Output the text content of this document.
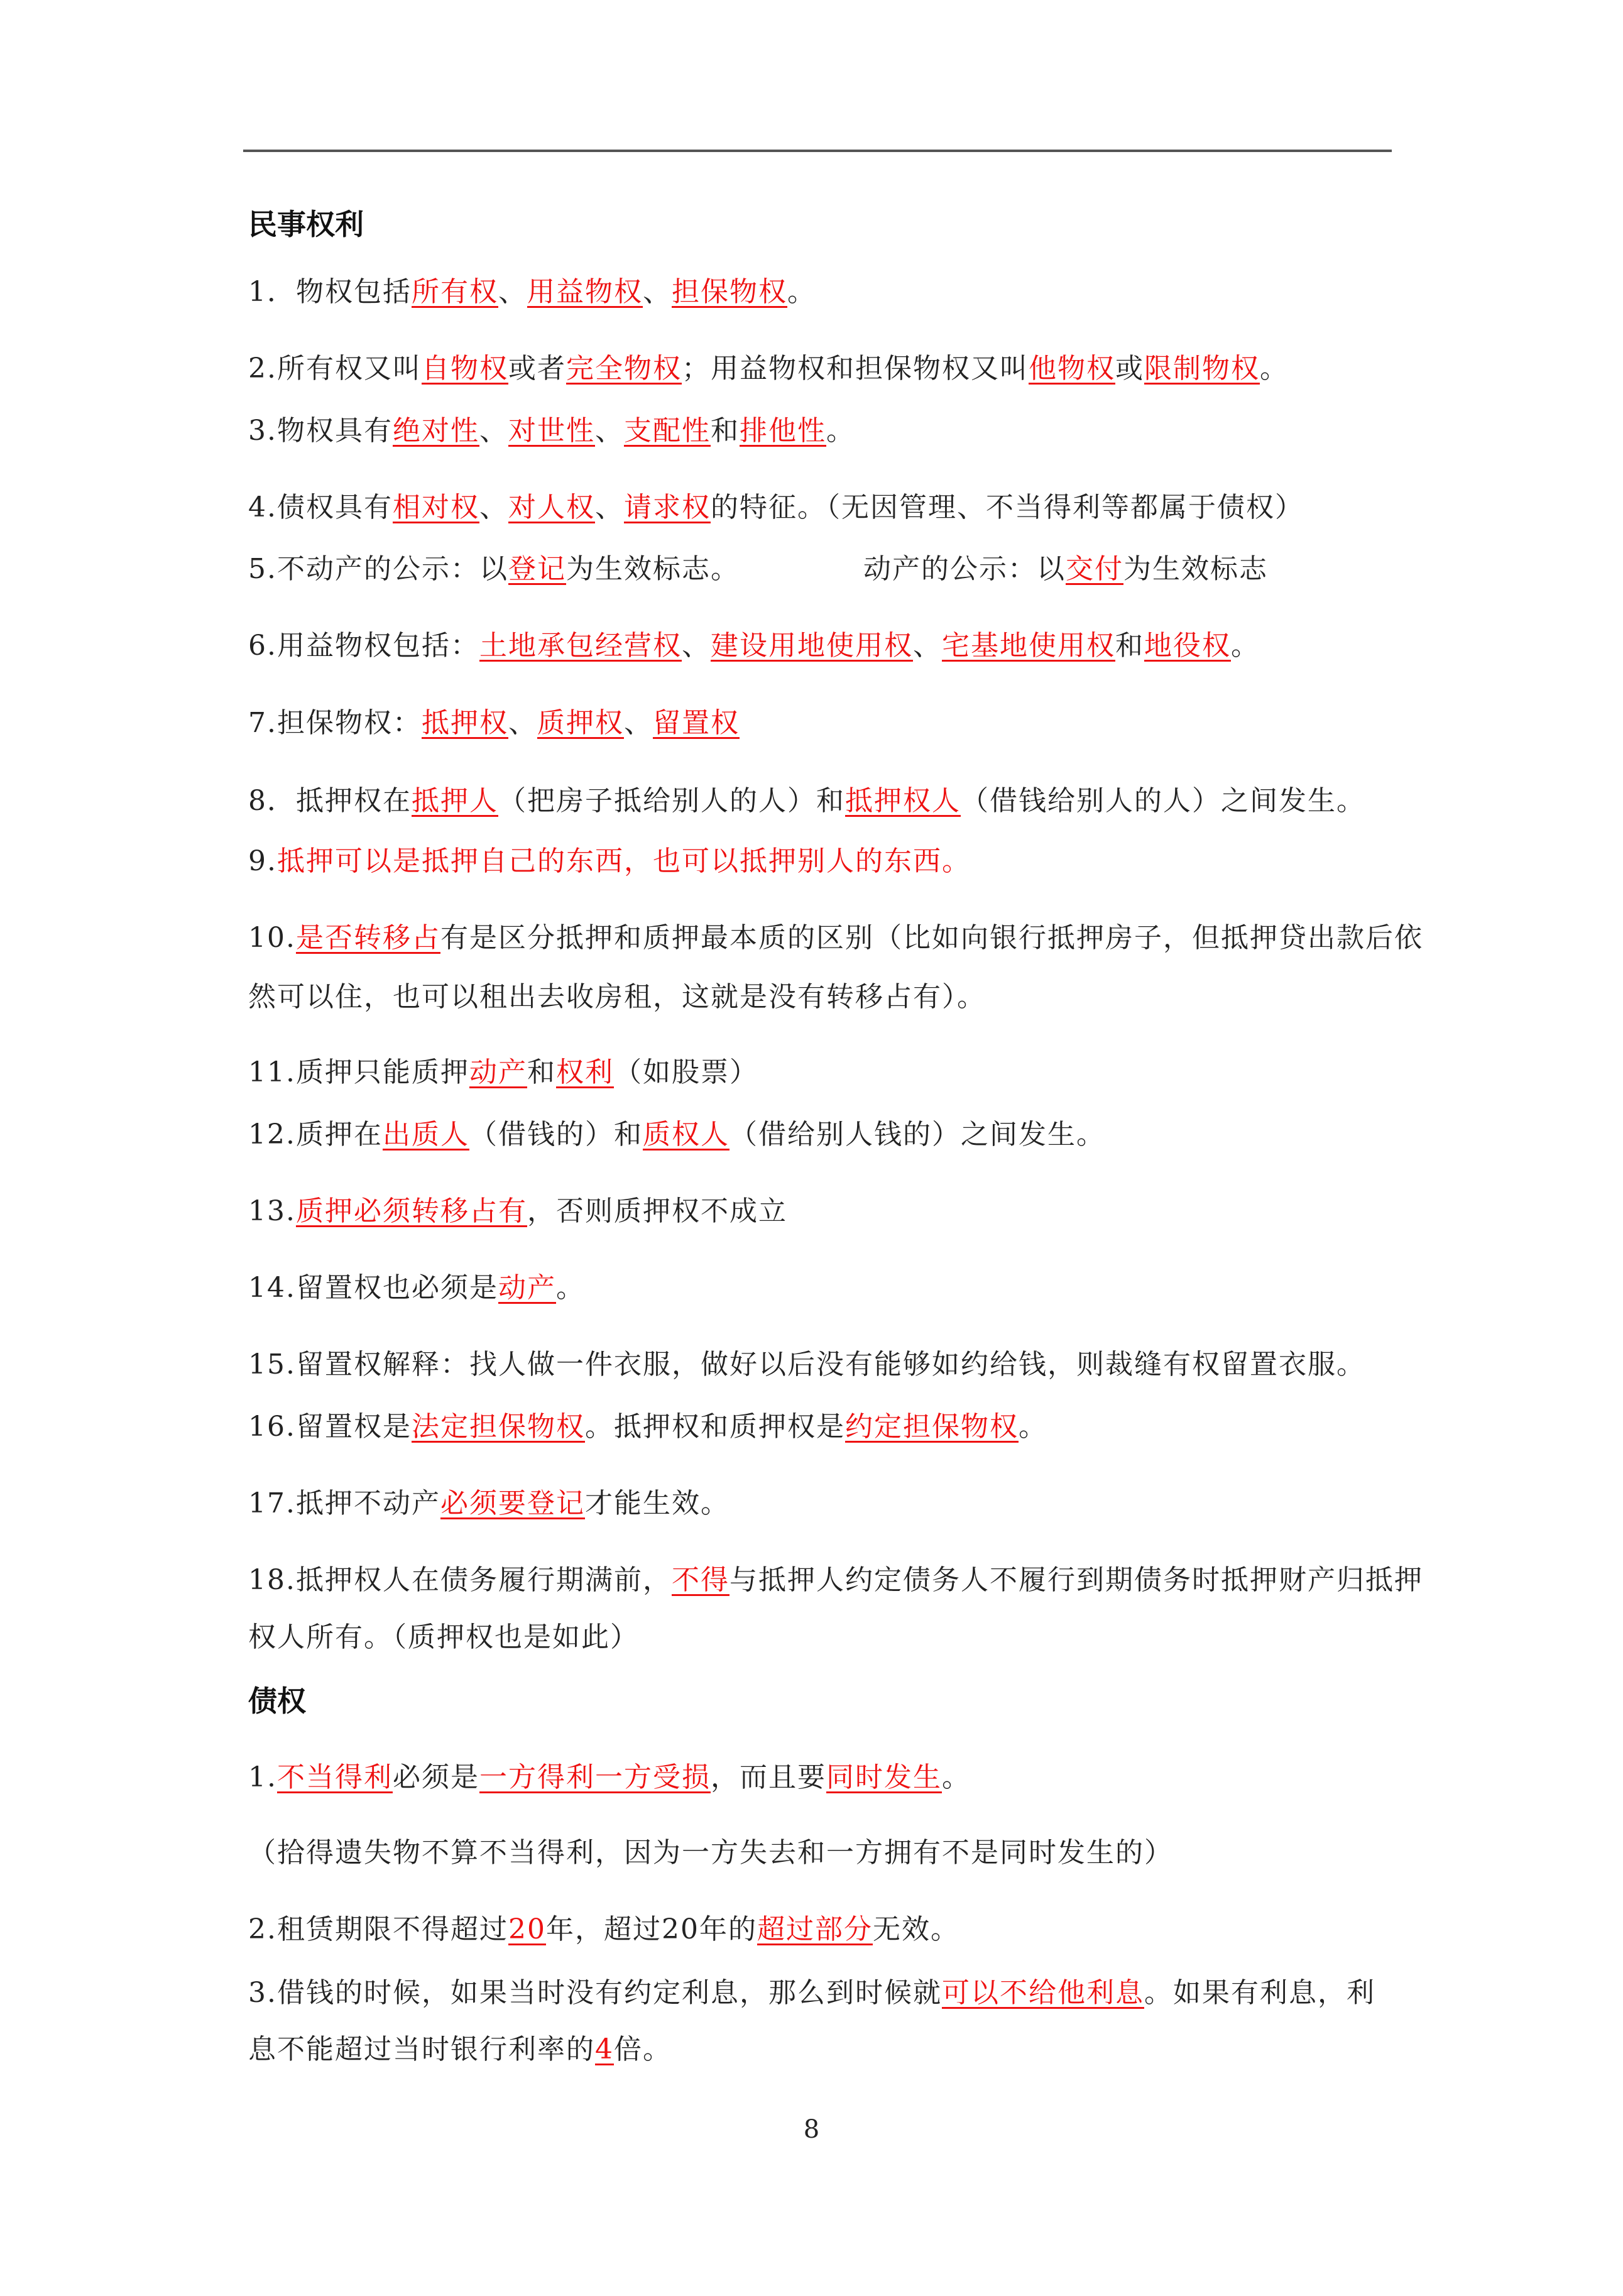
民事权利
1．物权包括所有权、用益物权、担保物权。
2.所有权又叫自物权或者完全物权；用益物权和担保物权又叫他物权或限制物权。
3.物权具有绝对性、对世性、支配性和排他性。
4.债权具有相对权、对人权、请求权的特征。（无因管理、不当得利等都属于债权）
5.不动产的公示：以登记为生效标志。	动产的公示：以交付为生效标志
6.用益物权包括：土地承包经营权、建设用地使用权、宅基地使用权和地役权。
7.担保物权：抵押权、质押权、留置权
8．抵押权在抵押人（把房子抵给别人的人）和抵押权人（借钱给别人的人）之间发生。
9.抵押可以是抵押自己的东西，也可以抵押别人的东西。
10.是否转移占有是区分抵押和质押最本质的区别（比如向银行抵押房子，但抵押贷出款后依
然可以住，也可以租出去收房租，这就是没有转移占有）。
11.质押只能质押动产和权利（如股票）
12.质押在出质人（借钱的）和质权人（借给别人钱的）之间发生。
13.质押必须转移占有，否则质押权不成立
14.留置权也必须是动产。
15.留置权解释：找人做一件衣服，做好以后没有能够如约给钱，则裁缝有权留置衣服。
16.留置权是法定担保物权。抵押权和质押权是约定担保物权。
17.抵押不动产必须要登记才能生效。
18.抵押权人在债务履行期满前，不得与抵押人约定债务人不履行到期债务时抵押财产归抵押
权人所有。（质押权也是如此）
债权
1.不当得利必须是一方得利一方受损，而且要同时发生。
（拾得遗失物不算不当得利，因为一方失去和一方拥有不是同时发生的）
2.租赁期限不得超过20年，超过20年的超过部分无效。
3.借钱的时候，如果当时没有约定利息，那么到时候就可以不给他利息。如果有利息，利
息不能超过当时银行利率的4倍。
8
